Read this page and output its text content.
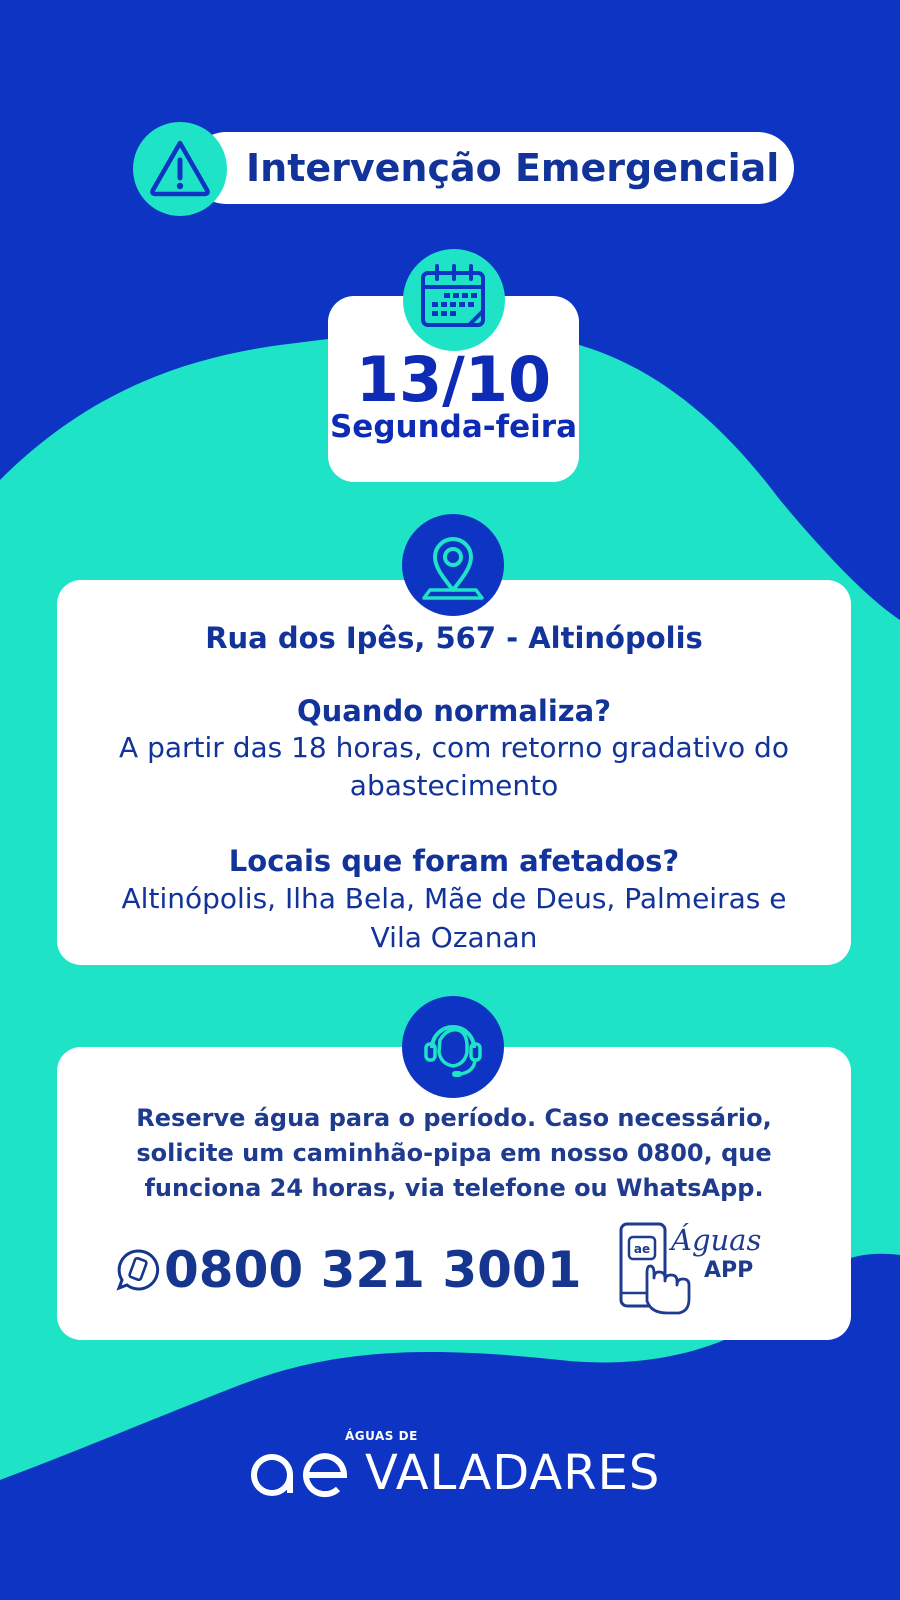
Intervenção Emergencial
13/10
Segunda-feira
Rua dos Ipês, 567 - Altinópolis
Quando normaliza?
A partir das 18 horas, com retorno gradativo do abastecimento
Locais que foram afetados?
Altinópolis, Ilha Bela, Mãe de Deus, Palmeiras e Vila Ozanan
Reserve água para o período. Caso necessário, solicite um caminhão-pipa em nosso 0800, que funciona 24 horas, via telefone ou WhatsApp.
0800 321 3001	ae Águas
APP
ÁGUAS DE
VALADARES
